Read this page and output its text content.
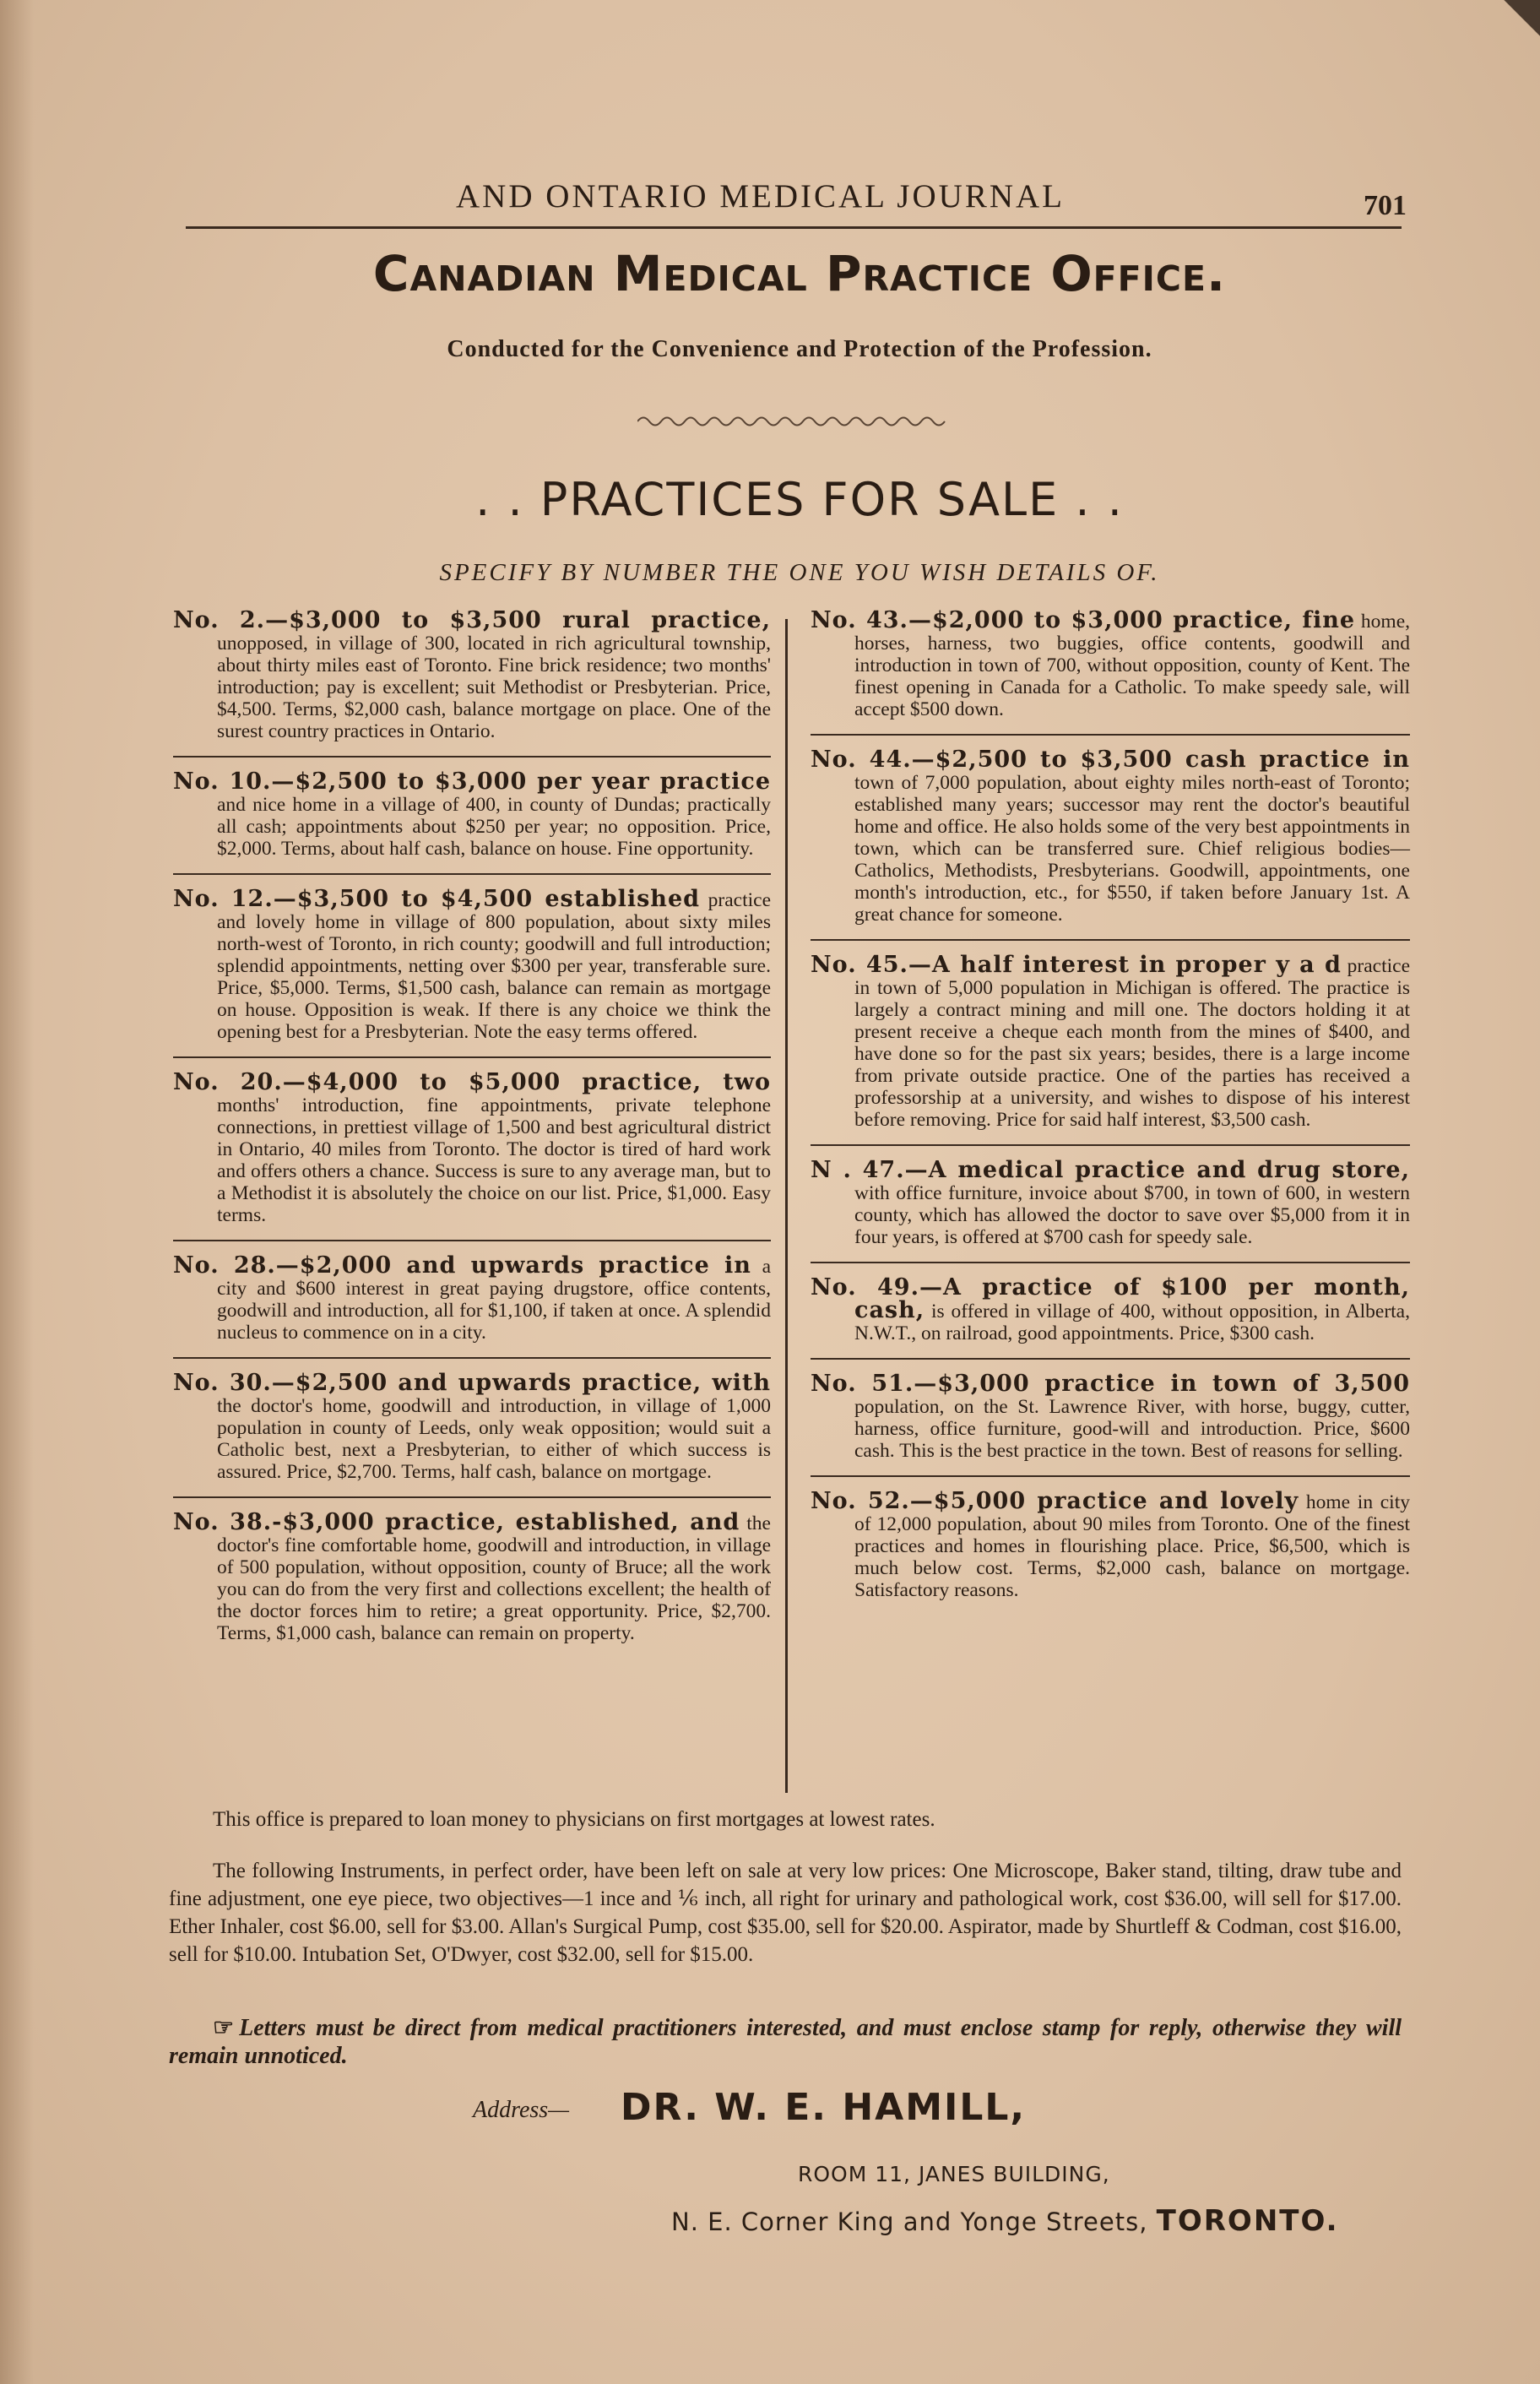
AND ONTARIO MEDICAL JOURNAL	701
Canadian Medical Practice Office.
Conducted for the Convenience and Protection of the Profession.
. . PRACTICES FOR SALE . .
SPECIFY BY NUMBER THE ONE YOU WISH DETAILS OF.
No. 2.—$3,000 to $3,500 rural practice, unopposed, in village of 300, located in rich agricultural township, about thirty miles east of Toronto. Fine brick residence; two months' introduction; pay is excellent; suit Methodist or Presbyterian. Price, $4,500. Terms, $2,000 cash, balance mortgage on place. One of the surest country practices in Ontario.
No. 10.—$2,500 to $3,000 per year practice and nice home in a village of 400, in county of Dundas; practically all cash; appointments about $250 per year; no opposition. Price, $2,000. Terms, about half cash, balance on house. Fine opportunity.
No. 12.—$3,500 to $4,500 established practice and lovely home in village of 800 population, about sixty miles north-west of Toronto, in rich county; goodwill and full introduction; splendid appointments, netting over $300 per year, transferable sure. Price, $5,000. Terms, $1,500 cash, balance can remain as mortgage on house. Opposition is weak. If there is any choice we think the opening best for a Presbyterian. Note the easy terms offered.
No. 20.—$4,000 to $5,000 practice, two months' introduction, fine appointments, private telephone connections, in prettiest village of 1,500 and best agricultural district in Ontario, 40 miles from Toronto. The doctor is tired of hard work and offers others a chance. Success is sure to any average man, but to a Methodist it is absolutely the choice on our list. Price, $1,000. Easy terms.
No. 28.—$2,000 and upwards practice in a city and $600 interest in great paying drugstore, office contents, goodwill and introduction, all for $1,100, if taken at once. A splendid nucleus to commence on in a city.
No. 30.—$2,500 and upwards practice, with the doctor's home, goodwill and introduction, in village of 1,000 population in county of Leeds, only weak opposition; would suit a Catholic best, next a Presbyterian, to either of which success is assured. Price, $2,700. Terms, half cash, balance on mortgage.
No. 38.-$3,000 practice, established, and the doctor's fine comfortable home, goodwill and introduction, in village of 500 population, without opposition, county of Bruce; all the work you can do from the very first and collections excellent; the health of the doctor forces him to retire; a great opportunity. Price, $2,700. Terms, $1,000 cash, balance can remain on property.
No. 43.—$2,000 to $3,000 practice, fine home, horses, harness, two buggies, office contents, goodwill and introduction in town of 700, without opposition, county of Kent. The finest opening in Canada for a Catholic. To make speedy sale, will accept $500 down.
No. 44.—$2,500 to $3,500 cash practice in town of 7,000 population, about eighty miles north-east of Toronto; established many years; successor may rent the doctor's beautiful home and office. He also holds some of the very best appointments in town, which can be transferred sure. Chief religious bodies—Catholics, Methodists, Presbyterians. Goodwill, appointments, one month's introduction, etc., for $550, if taken before January 1st. A great chance for someone.
No. 45.—A half interest in proper y a d practice in town of 5,000 population in Michigan is offered. The practice is largely a contract mining and mill one. The doctors holding it at present receive a cheque each month from the mines of $400, and have done so for the past six years; besides, there is a large income from private outside practice. One of the parties has received a professorship at a university, and wishes to dispose of his interest before removing. Price for said half interest, $3,500 cash.
N . 47.—A medical practice and drug store, with office furniture, invoice about $700, in town of 600, in western county, which has allowed the doctor to save over $5,000 from it in four years, is offered at $700 cash for speedy sale.
No. 49.—A practice of $100 per month, cash, is offered in village of 400, without opposition, in Alberta, N.W.T., on railroad, good appointments. Price, $300 cash.
No. 51.—$3,000 practice in town of 3,500 population, on the St. Lawrence River, with horse, buggy, cutter, harness, office furniture, good-will and introduction. Price, $600 cash. This is the best practice in the town. Best of reasons for selling.
No. 52.—$5,000 practice and lovely home in city of 12,000 population, about 90 miles from Toronto. One of the finest practices and homes in flourishing place. Price, $6,500, which is much below cost. Terms, $2,000 cash, balance on mortgage. Satisfactory reasons.

This office is prepared to loan money to physicians on first mortgages at lowest rates.

The following Instruments, in perfect order, have been left on sale at very low prices: One Microscope, Baker stand, tilting, draw tube and fine adjustment, one eye piece, two objectives—1 ince and ⅙ inch, all right for urinary and pathological work, cost $36.00, will sell for $17.00. Ether Inhaler, cost $6.00, sell for $3.00. Allan's Surgical Pump, cost $35.00, sell for $20.00. Aspirator, made by Shurtleff & Codman, cost $16.00, sell for $10.00. Intubation Set, O'Dwyer, cost $32.00, sell for $15.00.

☞ Letters must be direct from medical practitioners interested, and must enclose stamp for reply, otherwise they will remain unnoticed.
Address— DR. W. E. HAMILL,
ROOM 11, JANES BUILDING,
N. E. Corner King and Yonge Streets, TORONTO.
